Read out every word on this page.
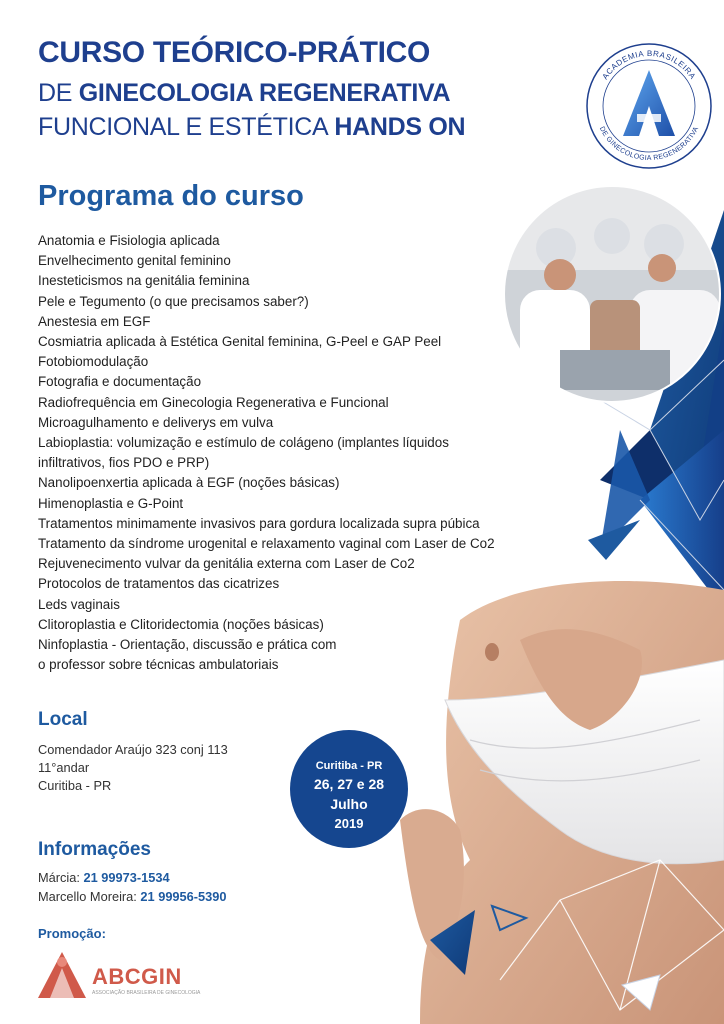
CURSO TEÓRICO-PRÁTICO
DE GINECOLOGIA REGENERATIVA
FUNCIONAL E ESTÉTICA HANDS ON
ACADEMIA BRASILEIRA
DE GINECOLOGIA REGENERATIVA
Programa do curso
Anatomia e Fisiologia aplicada
Envelhecimento genital feminino
Inesteticismos na genitália feminina
Pele e Tegumento (o que precisamos saber?)
Anestesia em EGF
Cosmiatria aplicada à Estética Genital feminina, G-Peel e GAP Peel
Fotobiomodulação
Fotografia e documentação
Radiofrequência em Ginecologia Regenerativa e Funcional
Microagulhamento e deliverys em vulva
Labioplastia: volumização e estímulo de colágeno (implantes líquidos
infiltrativos, fios PDO e PRP)
Nanolipoenxertia aplicada à EGF (noções básicas)
Himenoplastia e G-Point
Tratamentos minimamente invasivos para gordura localizada supra púbica
Tratamento da síndrome urogenital e relaxamento vaginal com Laser de Co2
Rejuvenecimento vulvar da genitália externa com Laser de Co2
Protocolos de tratamentos das cicatrizes
Leds vaginais
Clitoroplastia e Clitoridectomia (noções básicas)
Ninfoplastia - Orientação, discussão e prática com
o professor sobre técnicas ambulatoriais
Local
Comendador Araújo 323 conj 113
11°andar
Curitiba - PR
Curitiba - PR
26, 27 e 28
Julho
2019
Informações
Márcia: 21 99973-1534
Marcello Moreira: 21 99956-5390
Promoção:
ABCGIN
ASSOCIAÇÃO BRASILEIRA DE GINECOLOGIA
